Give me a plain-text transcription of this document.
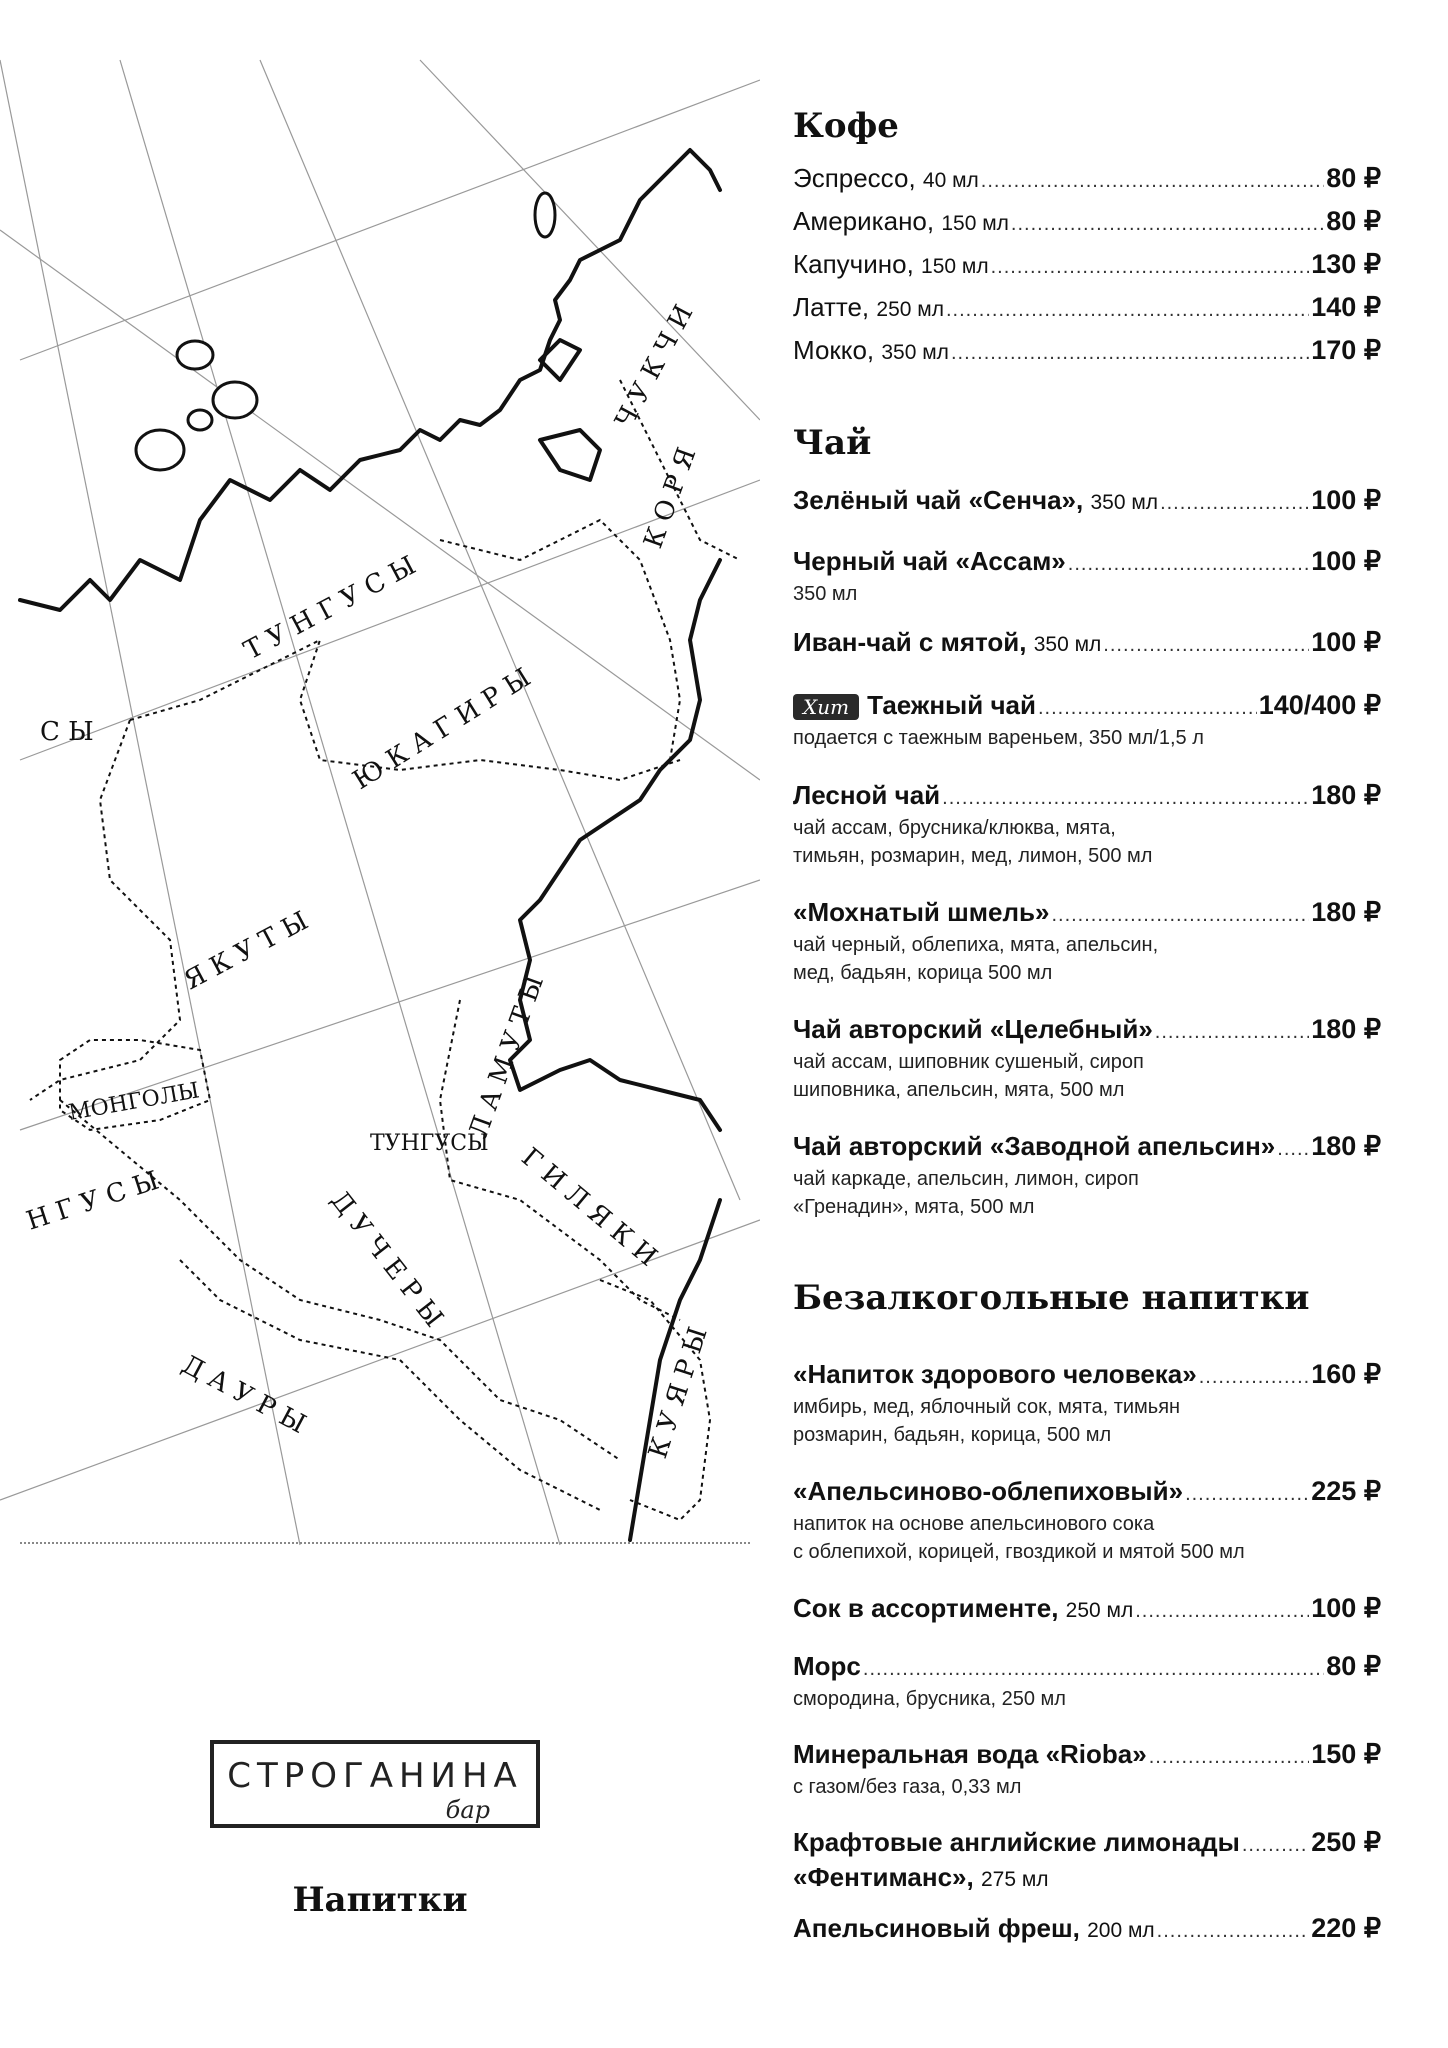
С Ы
Т У Н Г У С Ы
Ч У К Ч И
К О Р Я
Ю К А Г И Р Ы
Я К У Т Ы
Л А М У Т Ы
МОНГОЛЫ
ТУНГУСЫ
Н Г У С Ы	Г И Л Я К И
Д У Ч Е Р Ы
Д А У Р Ы	К У Я Р Ы
СТРОГАНИНА
бар
Напитки
Кофе
Эспрессо, 40 мл .....	80 ₽
Американо, 150 мл .....	80 ₽
Капучино, 150 мл .....	130 ₽
Латте, 250 мл .....	140 ₽
Мокко, 350 мл .....	170 ₽
Чай
Зелёный чай «Сенча», 350 мл .....	100 ₽
Черный чай «Ассам» .....	100 ₽
350 мл
Иван-чай с мятой, 350 мл .....	100 ₽
Хит Таежный чай .....	140/400 ₽
подается с таежным вареньем, 350 мл/1,5 л
Лесной чай .....	180 ₽
чай ассам, брусника/клюква, мята,
тимьян, розмарин, мед, лимон, 500 мл
«Мохнатый шмель» .....	180 ₽
чай черный, облепиха, мята, апельсин,
мед, бадьян, корица 500 мл
Чай авторский «Целебный» .....	180 ₽
чай ассам, шиповник сушеный, сироп
шиповника, апельсин, мята, 500 мл
Чай авторский «Заводной апельсин» ..... 180 ₽
чай каркаде, апельсин, лимон, сироп
«Гренадин», мята, 500 мл
Безалкогольные напитки
«Напиток здорового человека» .....	160 ₽
имбирь, мед, яблочный сок, мята, тимьян
розмарин, бадьян, корица, 500 мл
«Апельсиново-облепиховый» .....	225 ₽
напиток на основе апельсинового сока
с облепихой, корицей, гвоздикой и мятой 500 мл
Сок в ассортименте, 250 мл .....	100 ₽
Морс .....	80 ₽
смородина, брусника, 250 мл
Минеральная вода «Rioba» .....	150 ₽
с газом/без газа, 0,33 мл
Крафтовые английские лимонады .....	250 ₽
«Фентиманс», 275 мл
Апельсиновый фреш, 200 мл .....	220 ₽
